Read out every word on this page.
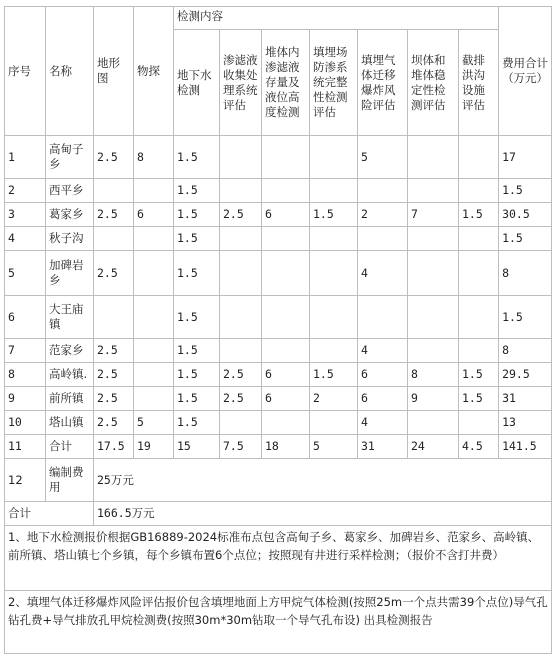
序号	名称	地形图	物探	检测内容							费用合计（万元）
				地下水检测	渗滤液收集处理系统评估	堆体内渗滤液存量及液位高度检测	填埋场防渗系统完整性检测评估	填埋气体迁移爆炸风险评估	坝体和堆体稳定性检测评估	截排洪沟设施评估	
1	高甸子乡	2.5	8	1.5				5			17
2	西平乡			1.5							1.5
3	葛家乡	2.5	6	1.5	2.5	6	1.5	2	7	1.5	30.5
4	秋子沟			1.5							1.5
5	加碑岩乡	2.5		1.5				4			8
6	大王庙镇			1.5							1.5
7	范家乡	2.5		1.5				4			8
8	高岭镇.	2.5		1.5	2.5	6	1.5	6	8	1.5	29.5
9	前所镇	2.5		1.5	2.5	6	2	6	9	1.5	31
10	塔山镇	2.5	5	1.5				4			13
11	合计	17.5	19	15	7.5	18	5	31	24	4.5	141.5
12	编制费用	25万元									
合计		166.5万元									
1、地下水检测报价根据GB16889-2024标准布点包含高甸子乡、葛家乡、加碑岩乡、范家乡、高岭镇、前所镇、塔山镇七个乡镇，每个乡镇布置6个点位；按照现有井进行采样检测；（报价不含打井费）											
2、填埋气体迁移爆炸风险评估报价包含填埋地面上方甲烷气体检测(按照25m一个点共需39个点位)导气孔钻孔费+导气排放孔甲烷检测费(按照30m*30m钻取一个导气孔布设) 出具检测报告											
